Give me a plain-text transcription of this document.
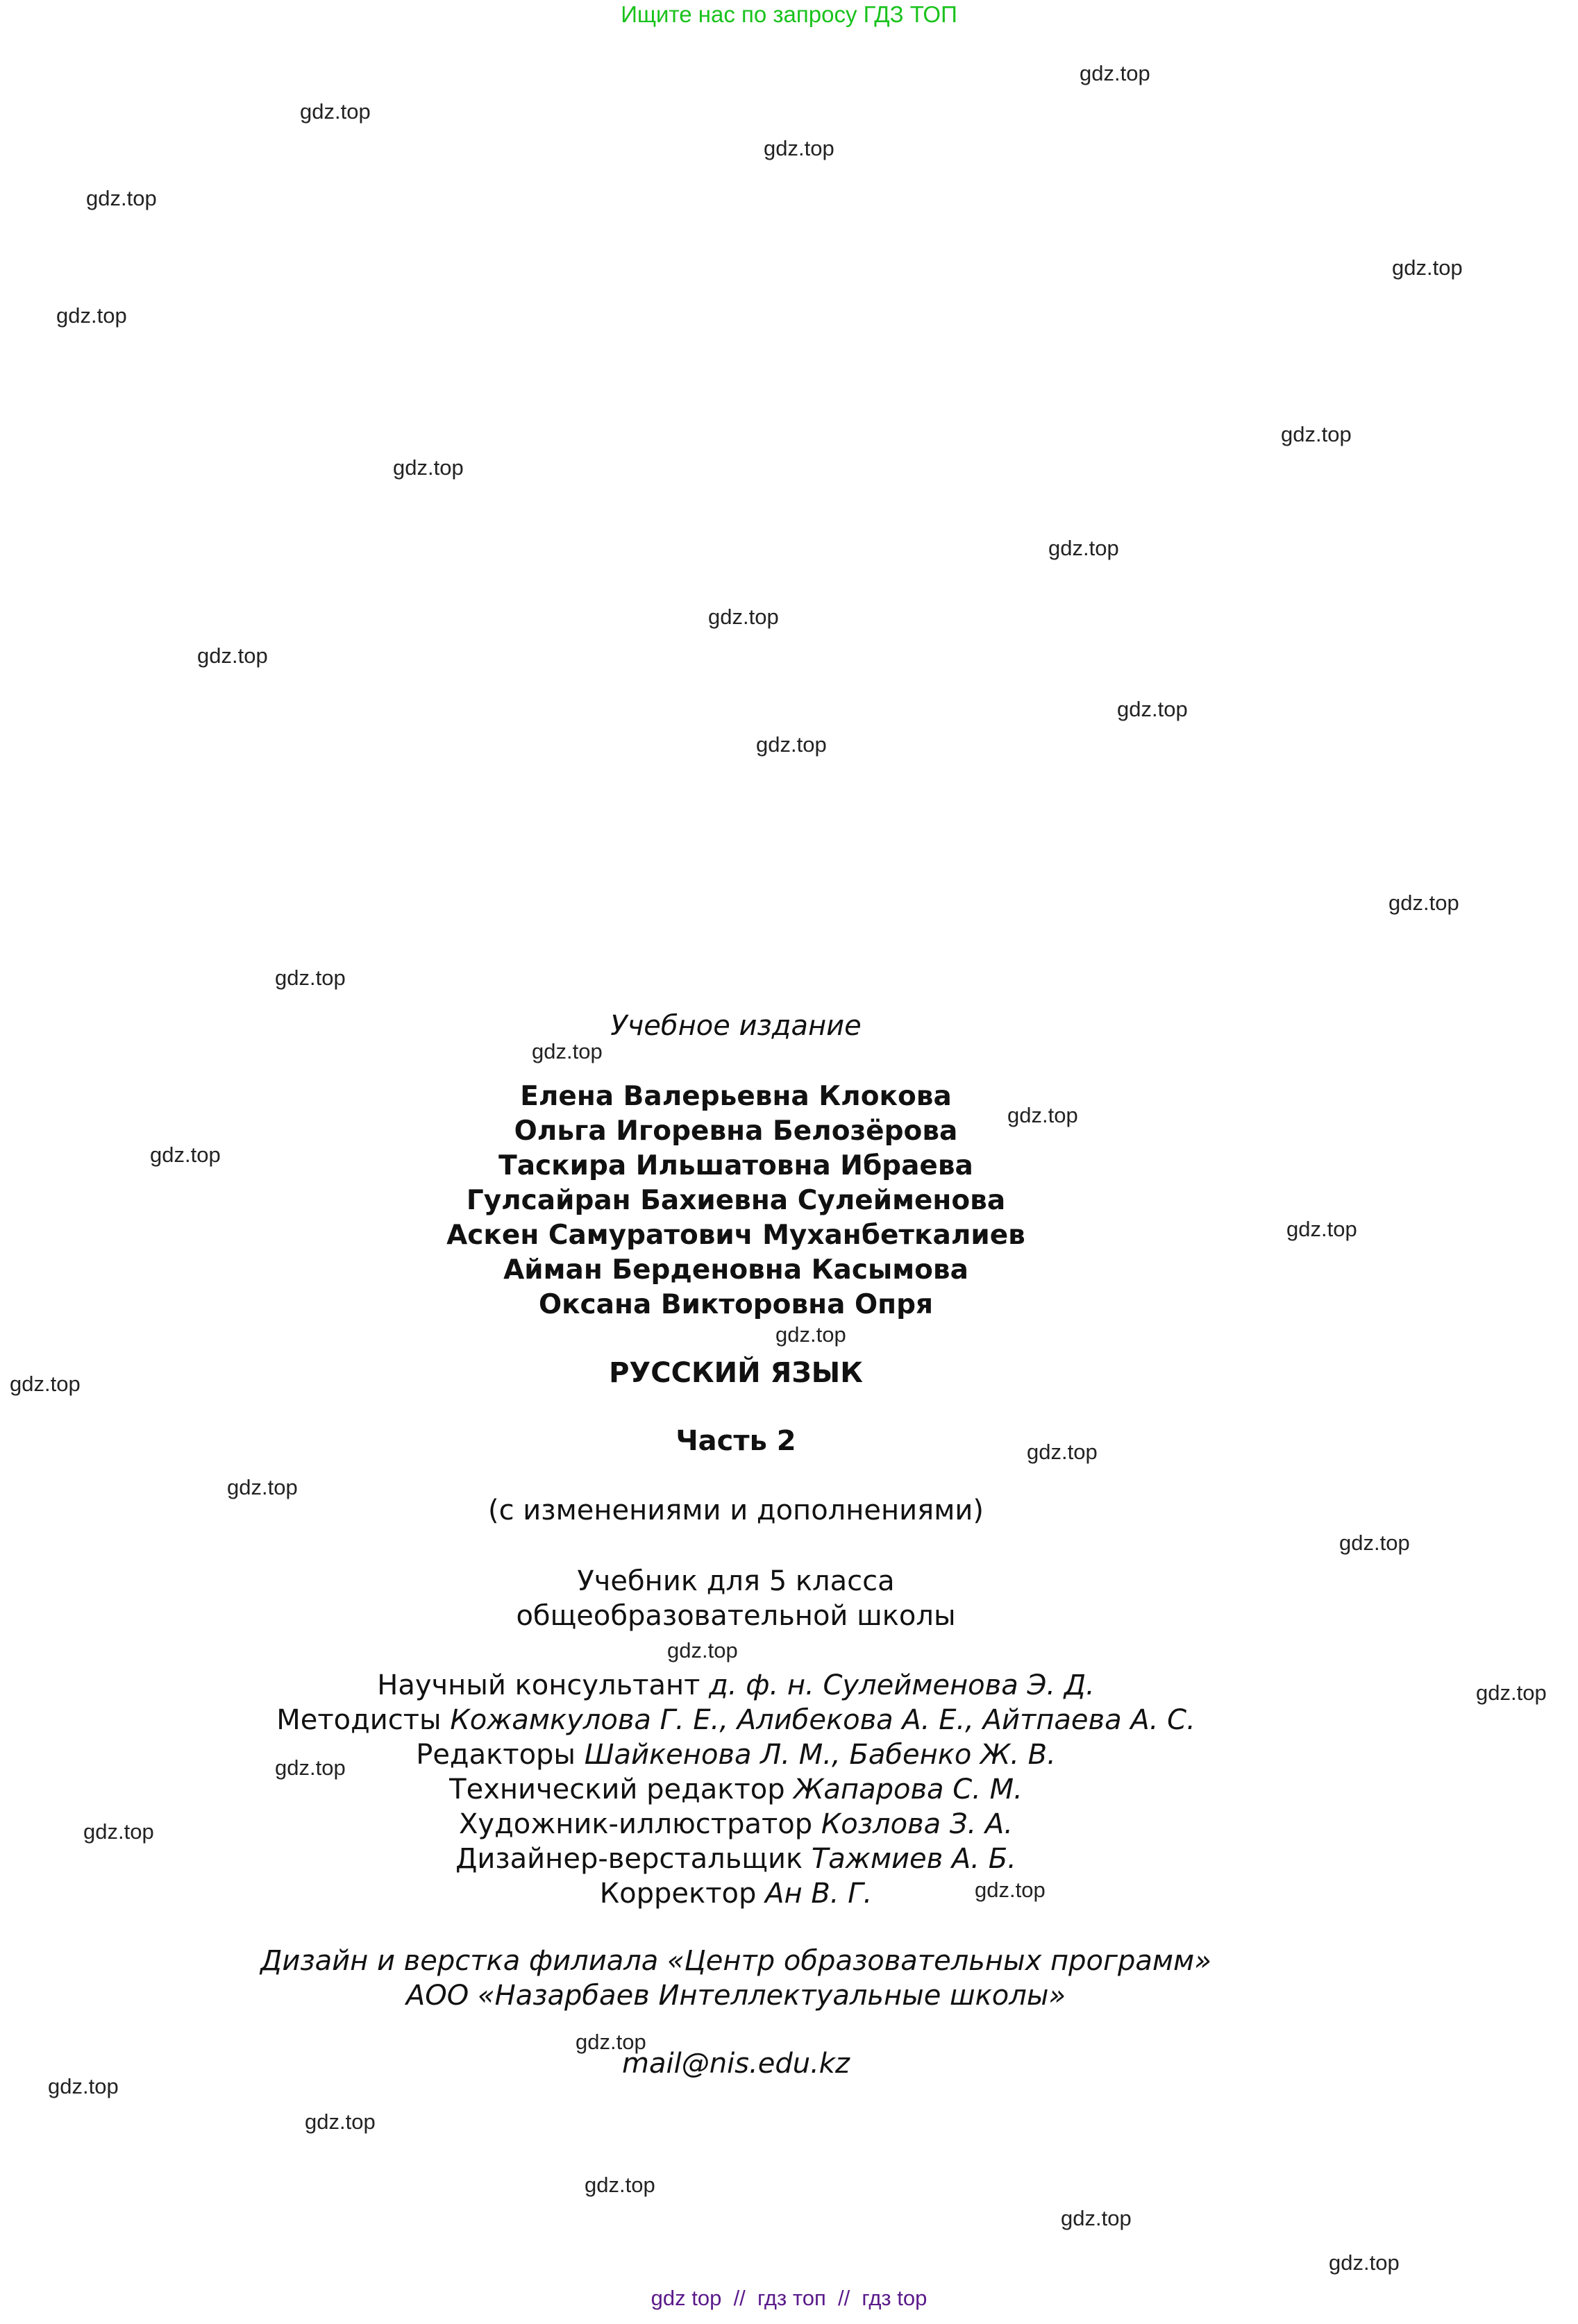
Ищите нас по запросу ГДЗ ТОП
Учебное издание
Елена Валерьевна Клокова
Ольга Игоревна Белозёрова
Таскира Ильшатовна Ибраева
Гулсайран Бахиевна Сулейменова
Аскен Самуратович Муханбеткалиев
Айман Берденовна Касымова
Оксана Викторовна Опря
РУССКИЙ ЯЗЫК
Часть 2
(с изменениями и дополнениями)
Учебник для 5 класса
общеобразовательной школы
Научный консультант д. ф. н. Сулейменова Э. Д.
Методисты Кожамкулова Г. Е., Алибекова А. Е., Айтпаева А. С.
Редакторы Шайкенова Л. М., Бабенко Ж. В.
Технический редактор Жапарова С. М.
Художник-иллюстратор Козлова З. А.
Дизайнер-верстальщик Тажмиев А. Б.
Корректор Ан В. Г.
Дизайн и верстка филиала «Центр образовательных программ»
АОО «Назарбаев Интеллектуальные школы»
mail@nis.edu.kz
gdz.top
gdz.top
gdz.top
gdz.top
gdz.top
gdz.top
gdz.top
gdz.top
gdz.top
gdz.top
gdz.top
gdz.top
gdz.top
gdz.top
gdz.top
gdz.top
gdz.top
gdz.top
gdz.top
gdz.top
gdz.top
gdz.top
gdz.top
gdz.top
gdz.top
gdz.top
gdz.top
gdz.top
gdz.top
gdz.top
gdz.top
gdz.top
gdz.top
gdz.top
gdz.top
gdz top  //  гдз топ  //  гдз top
